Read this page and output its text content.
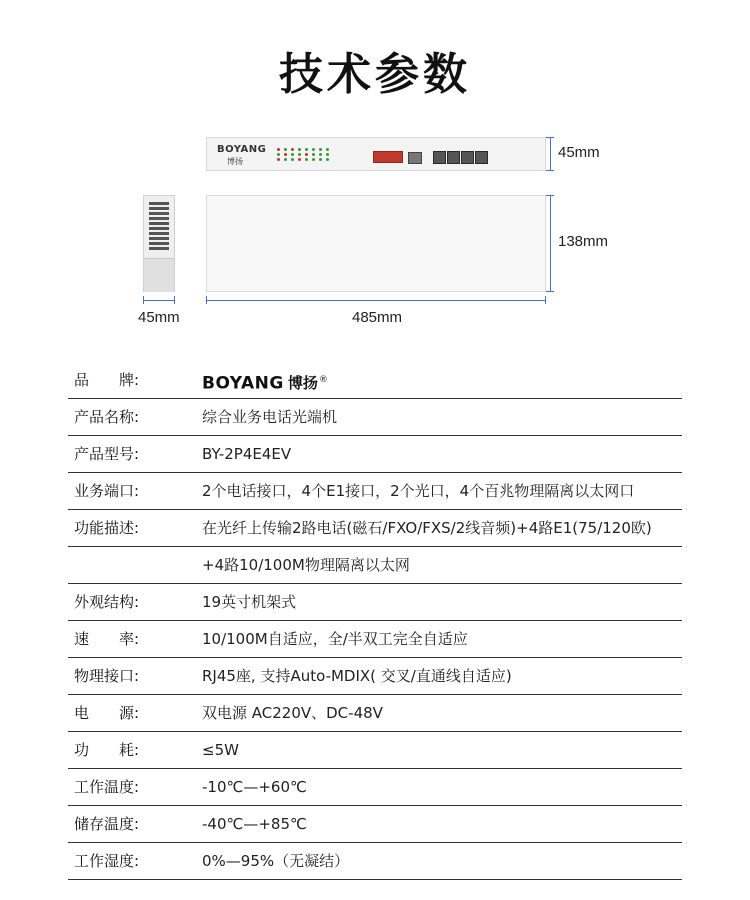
技术参数
BOYANG
博扬
45mm
138mm
45mm	485mm
品　　牌:	BOYANG 博扬®
产品名称:	综合业务电话光端机
产品型号:	BY-2P4E4EV
业务端口:	2个电话接口，4个E1接口，2个光口，4个百兆物理隔离以太网口
功能描述:	在光纤上传输2路电话(磁石/FXO/FXS/2线音频)+4路E1(75/120欧)
+4路10/100M物理隔离以太网
外观结构:	19英寸机架式
速　　率:	10/100M自适应，全/半双工完全自适应
物理接口:	RJ45座, 支持Auto-MDIX( 交叉/直通线自适应)
电　　源:	双电源 AC220V、DC-48V
功　　耗:	≤5W
工作温度:	-10℃—+60℃
储存温度:	-40℃—+85℃
工作湿度:	0%—95%（无凝结）
